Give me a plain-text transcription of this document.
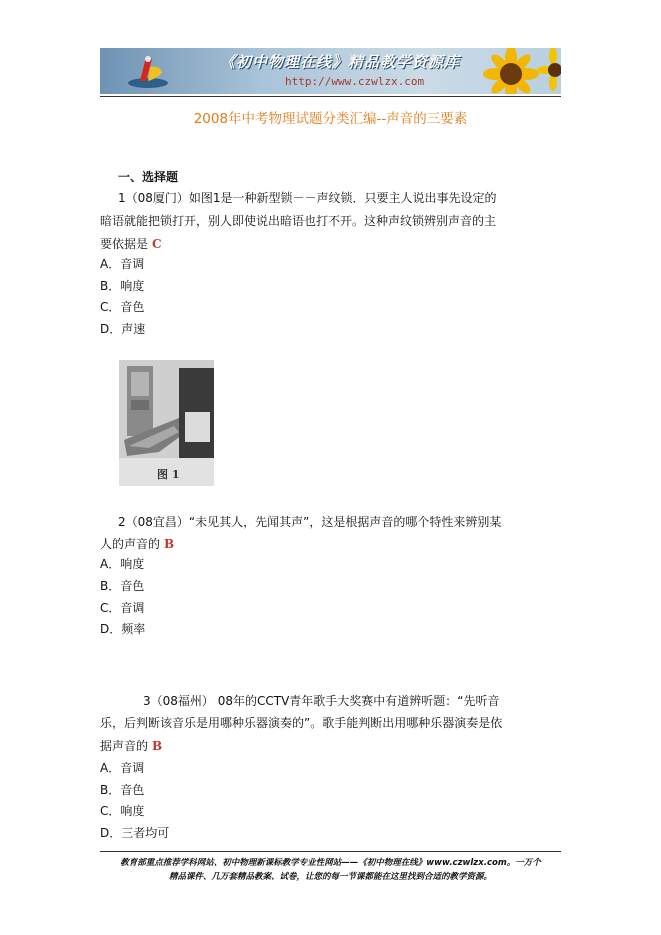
《初中物理在线》精品教学资源库
http://www.czwlzx.com
2008年中考物理试题分类汇编--声音的三要素
一、选择题
1（08厦门）如图1是一种新型锁－－声纹锁．只要主人说出事先设定的
暗语就能把锁打开，别人即使说出暗语也打不开。这种声纹锁辨别声音的主
要依据是 C
A．音调
B．响度
C．音色
D．声速
图 1
2（08宜昌）“未见其人，先闻其声”，这是根据声音的哪个特性来辨别某
人的声音的 B
A．响度
B．音色
C．音调
D．频率
3（08福州） 08年的CCTV青年歌手大奖赛中有道辨听题：“先听音
乐，后判断该音乐是用哪种乐器演奏的”。歌手能判断出用哪种乐器演奏是依
据声音的 B
A．音调
B．音色
C．响度
D．三者均可
教育部重点推荐学科网站、初中物理新课标教学专业性网站——《初中物理在线》www.czwlzx.com。一万个
精品课件、几万套精品教案、试卷，让您的每一节课都能在这里找到合适的教学资源。
